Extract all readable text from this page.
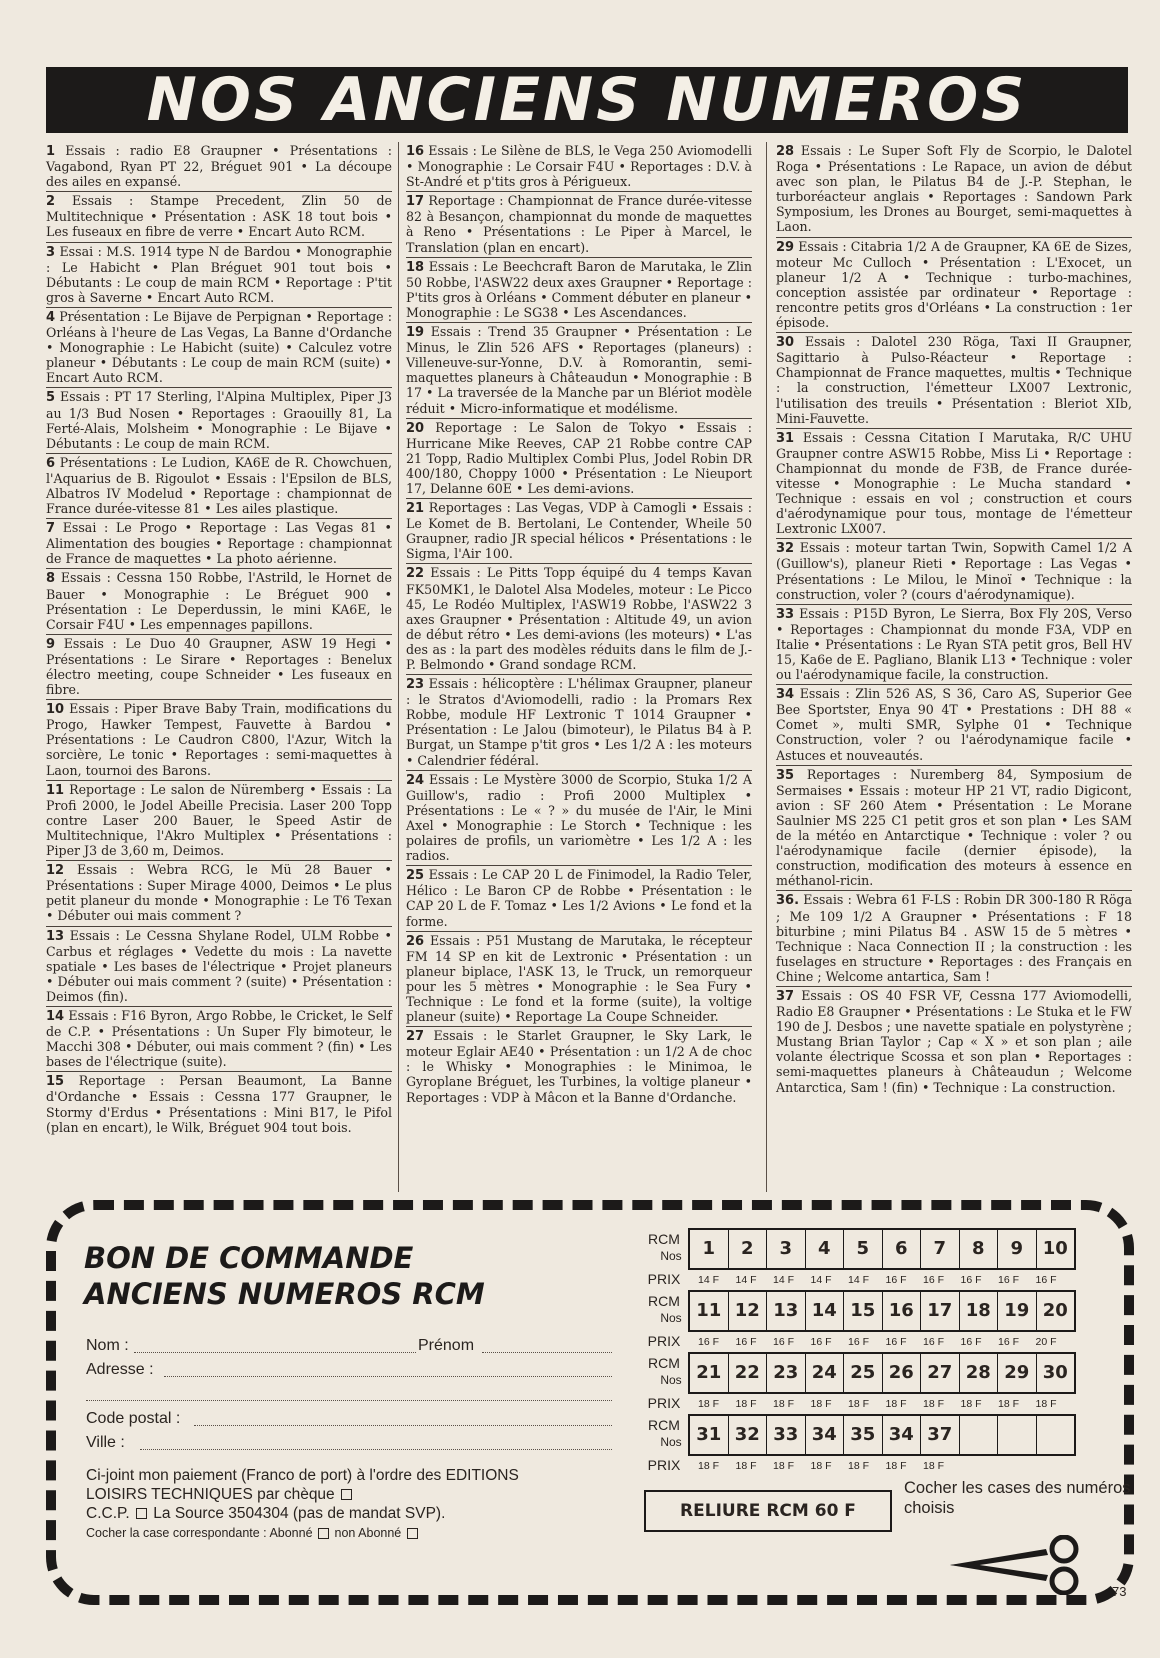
NOS ANCIENS NUMEROS
1 Essais : radio E8 Graupner • Présentations : Vagabond, Ryan PT 22, Bréguet 901 • La découpe des ailes en expansé.
2 Essais : Stampe Precedent, Zlin 50 de Multitechnique • Présentation : ASK 18 tout bois • Les fuseaux en fibre de verre • Encart Auto RCM.
3 Essai : M.S. 1914 type N de Bardou • Monographie : Le Habicht • Plan Bréguet 901 tout bois • Débutants : Le coup de main RCM • Reportage : P'tit gros à Saverne • Encart Auto RCM.
4 Présentation : Le Bijave de Perpignan • Reportage : Orléans à l'heure de Las Vegas, La Banne d'Ordanche • Monographie : Le Habicht (suite) • Calculez votre planeur • Débutants : Le coup de main RCM (suite) • Encart Auto RCM.
5 Essais : PT 17 Sterling, l'Alpina Multiplex, Piper J3 au 1/3 Bud Nosen • Reportages : Graouilly 81, La Ferté-Alais, Molsheim • Monographie : Le Bijave • Débutants : Le coup de main RCM.
6 Présentations : Le Ludion, KA6E de R. Chowchuen, l'Aquarius de B. Rigoulot • Essais : l'Epsilon de BLS, Albatros IV Modelud • Reportage : championnat de France durée-vitesse 81 • Les ailes plastique.
7 Essai : Le Progo • Reportage : Las Vegas 81 • Alimentation des bougies • Reportage : championnat de France de maquettes • La photo aérienne.
8 Essais : Cessna 150 Robbe, l'Astrild, le Hornet de Bauer • Monographie : Le Bréguet 900 • Présentation : Le Deperdussin, le mini KA6E, le Corsair F4U • Les empennages papillons.
9 Essais : Le Duo 40 Graupner, ASW 19 Hegi • Présentations : Le Sirare • Reportages : Benelux électro meeting, coupe Schneider • Les fuseaux en fibre.
10 Essais : Piper Brave Baby Train, modifications du Progo, Hawker Tempest, Fauvette à Bardou • Présentations : Le Caudron C800, l'Azur, Witch la sorcière, Le tonic • Reportages : semi-maquettes à Laon, tournoi des Barons.
11 Reportage : Le salon de Nüremberg • Essais : La Profi 2000, le Jodel Abeille Precisia. Laser 200 Topp contre Laser 200 Bauer, le Speed Astir de Multitechnique, l'Akro Multiplex • Présentations : Piper J3 de 3,60 m, Deimos.
12 Essais : Webra RCG, le Mü 28 Bauer • Présentations : Super Mirage 4000, Deimos • Le plus petit planeur du monde • Monographie : Le T6 Texan • Débuter oui mais comment ?
13 Essais : Le Cessna Shylane Rodel, ULM Robbe • Carbus et réglages • Vedette du mois : La navette spatiale • Les bases de l'électrique • Projet planeurs • Débuter oui mais comment ? (suite) • Présentation : Deimos (fin).
14 Essais : F16 Byron, Argo Robbe, le Cricket, le Self de C.P. • Présentations : Un Super Fly bimoteur, le Macchi 308 • Débuter, oui mais comment ? (fin) • Les bases de l'électrique (suite).
15 Reportage : Persan Beaumont, La Banne d'Ordanche • Essais : Cessna 177 Graupner, le Stormy d'Erdus • Présentations : Mini B17, le Pifol (plan en encart), le Wilk, Bréguet 904 tout bois.
16 Essais : Le Silène de BLS, le Vega 250 Aviomodelli • Monographie : Le Corsair F4U • Reportages : D.V. à St-André et p'tits gros à Périgueux.
17 Reportage : Championnat de France durée-vitesse 82 à Besançon, championnat du monde de maquettes à Reno • Présentations : Le Piper à Marcel, le Translation (plan en encart).
18 Essais : Le Beechcraft Baron de Marutaka, le Zlin 50 Robbe, l'ASW22 deux axes Graupner • Reportage : P'tits gros à Orléans • Comment débuter en planeur • Monographie : Le SG38 • Les Ascendances.
19 Essais : Trend 35 Graupner • Présentation : Le Minus, le Zlin 526 AFS • Reportages (planeurs) : Villeneuve-sur-Yonne, D.V. à Romorantin, semi-maquettes planeurs à Châteaudun • Monographie : B 17 • La traversée de la Manche par un Blériot modèle réduit • Micro-informatique et modélisme.
20 Reportage : Le Salon de Tokyo • Essais : Hurricane Mike Reeves, CAP 21 Robbe contre CAP 21 Topp, Radio Multiplex Combi Plus, Jodel Robin DR 400/180, Choppy 1000 • Présentation : Le Nieuport 17, Delanne 60E • Les demi-avions.
21 Reportages : Las Vegas, VDP à Camogli • Essais : Le Komet de B. Bertolani, Le Contender, Wheile 50 Graupner, radio JR special hélicos • Présentations : le Sigma, l'Air 100.
22 Essais : Le Pitts Topp équipé du 4 temps Kavan FK50MK1, le Dalotel Alsa Modeles, moteur : Le Picco 45, Le Rodéo Multiplex, l'ASW19 Robbe, l'ASW22 3 axes Graupner • Présentation : Altitude 49, un avion de début rétro • Les demi-avions (les moteurs) • L'as des as : la part des modèles réduits dans le film de J.-P. Belmondo • Grand sondage RCM.
23 Essais : hélicoptère : L'hélimax Graupner, planeur : le Stratos d'Aviomodelli, radio : la Promars Rex Robbe, module HF Lextronic T 1014 Graupner • Présentation : Le Jalou (bimoteur), le Pilatus B4 à P. Burgat, un Stampe p'tit gros • Les 1/2 A : les moteurs • Calendrier fédéral.
24 Essais : Le Mystère 3000 de Scorpio, Stuka 1/2 A Guillow's, radio : Profi 2000 Multiplex • Présentations : Le « ? » du musée de l'Air, le Mini Axel • Monographie : Le Storch • Technique : les polaires de profils, un variomètre • Les 1/2 A : les radios.
25 Essais : Le CAP 20 L de Finimodel, la Radio Teler, Hélico : Le Baron CP de Robbe • Présentation : le CAP 20 L de F. Tomaz • Les 1/2 Avions • Le fond et la forme.
26 Essais : P51 Mustang de Marutaka, le récepteur FM 14 SP en kit de Lextronic • Présentation : un planeur biplace, l'ASK 13, le Truck, un remorqueur pour les 5 mètres • Monographie : le Sea Fury • Technique : Le fond et la forme (suite), la voltige planeur (suite) • Reportage La Coupe Schneider.
27 Essais : le Starlet Graupner, le Sky Lark, le moteur Eglair AE40 • Présentation : un 1/2 A de choc : le Whisky • Monographies : le Minimoa, le Gyroplane Bréguet, les Turbines, la voltige planeur • Reportages : VDP à Mâcon et la Banne d'Ordanche.
28 Essais : Le Super Soft Fly de Scorpio, le Dalotel Roga • Présentations : Le Rapace, un avion de début avec son plan, le Pilatus B4 de J.-P. Stephan, le turboréacteur anglais • Reportages : Sandown Park Symposium, les Drones au Bourget, semi-maquettes à Laon.
29 Essais : Citabria 1/2 A de Graupner, KA 6E de Sizes, moteur Mc Culloch • Présentation : L'Exocet, un planeur 1/2 A • Technique : turbo-machines, conception assistée par ordinateur • Reportage : rencontre petits gros d'Orléans • La construction : 1er épisode.
30 Essais : Dalotel 230 Röga, Taxi II Graupner, Sagittario à Pulso-Réacteur • Reportage : Championnat de France maquettes, multis • Technique : la construction, l'émetteur LX007 Lextronic, l'utilisation des treuils • Présentation : Bleriot XIb, Mini-Fauvette.
31 Essais : Cessna Citation I Marutaka, R/C UHU Graupner contre ASW15 Robbe, Miss Li • Reportage : Championnat du monde de F3B, de France durée-vitesse • Monographie : Le Mucha standard • Technique : essais en vol ; construction et cours d'aérodynamique pour tous, montage de l'émetteur Lextronic LX007.
32 Essais : moteur tartan Twin, Sopwith Camel 1/2 A (Guillow's), planeur Rieti • Reportage : Las Vegas • Présentations : Le Milou, le Minoï • Technique : la construction, voler ? (cours d'aérodynamique).
33 Essais : P15D Byron, Le Sierra, Box Fly 20S, Verso • Reportages : Championnat du monde F3A, VDP en Italie • Présentations : Le Ryan STA petit gros, Bell HV 15, Ka6e de E. Pagliano, Blanik L13 • Technique : voler ou l'aérodynamique facile, la construction.
34 Essais : Zlin 526 AS, S 36, Caro AS, Superior Gee Bee Sportster, Enya 90 4T • Prestations : DH 88 « Comet », multi SMR, Sylphe 01 • Technique Construction, voler ? ou l'aérodynamique facile • Astuces et nouveautés.
35 Reportages : Nuremberg 84, Symposium de Sermaises • Essais : moteur HP 21 VT, radio Digicont, avion : SF 260 Atem • Présentation : Le Morane Saulnier MS 225 C1 petit gros et son plan • Les SAM de la météo en Antarctique • Technique : voler ? ou l'aérodynamique facile (dernier épisode), la construction, modification des moteurs à essence en méthanol-ricin.
36. Essais : Webra 61 F-LS : Robin DR 300-180 R Röga ; Me 109 1/2 A Graupner • Présentations : F 18 biturbine ; mini Pilatus B4 . ASW 15 de 5 mètres • Technique : Naca Connection II ; la construction : les fuselages en structure • Reportages : des Français en Chine ; Welcome antartica, Sam !
37 Essais : OS 40 FSR VF, Cessna 177 Aviomodelli, Radio E8 Graupner • Présentations : Le Stuka et le FW 190 de J. Desbos ; une navette spatiale en polystyrène ; Mustang Brian Taylor ; Cap « X » et son plan ; aile volante électrique Scossa et son plan • Reportages : semi-maquettes planeurs à Châteaudun ; Welcome Antarctica, Sam ! (fin) • Technique : La construction.
BON DE COMMANDE
ANCIENS NUMEROS RCM
Nom :	Prénom
Adresse :
Code postal :
Ville :
Ci-joint mon paiement (Franco de port) à l'ordre des EDITIONS LOISIRS TECHNIQUES par chèque
C.C.P. La Source 3504304 (pas de mandat SVP).
Cocher la case correspondante : Abonné non Abonné
RCM
Nos	1	2	3	4	5	6	7	8	9	10
PRIX	14 F	14 F	14 F	14 F	14 F	16 F	16 F	16 F	16 F	16 F
RCM
Nos 11 12 13 14 15 16 17 18 19 20
PRIX	16 F	16 F	16 F	16 F	16 F	16 F	16 F	16 F	16 F	20 F
RCM
Nos 21 22 23 24 25 26 27 28 29 30
PRIX	18 F	18 F	18 F	18 F	18 F	18 F	18 F	18 F	18 F	18 F
RCM
Nos 31 32 33 34 35 34 37
PRIX	18 F	18 F	18 F	18 F	18 F	18 F	18 F
RELIURE RCM 60 F
Cocher les cases des numéros choisis
73
